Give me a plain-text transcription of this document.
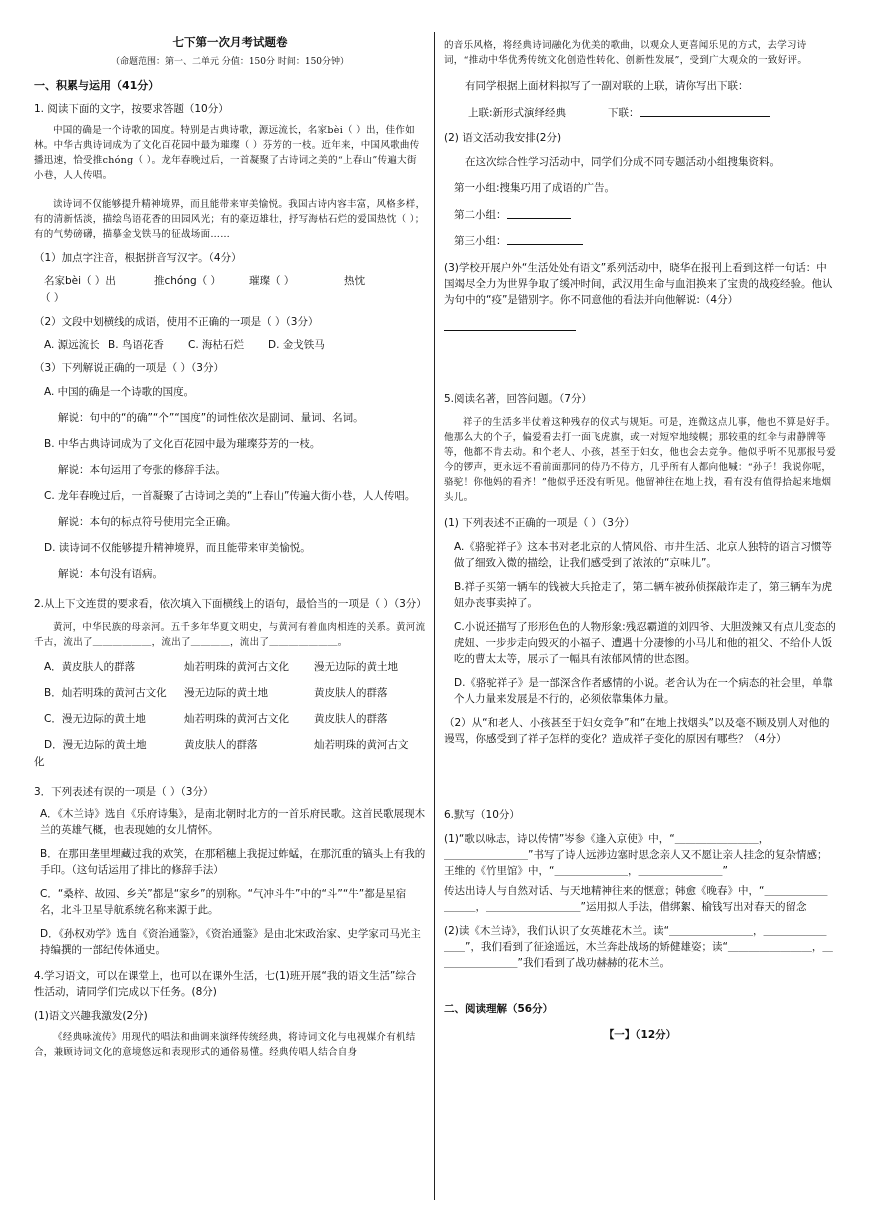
七下第一次月考试题卷

（命题范围：第一、二单元 分值：150分 时间：150分钟）

一、积累与运用（41分）

1. 阅读下面的文字，按要求答题（10分）

中国的确是一个诗歌的国度。特别是古典诗歌，源远流长，名家bèi（ ）出，佳作如林。中华古典诗词成为了文化百花园中最为璀璨（ ）芬芳的一枝。近年来，中国风歌曲传播迅速，恰受推chóng（ ）。龙年春晚过后，一首凝聚了古诗词之美的“上春山”传遍大街小巷，人人传唱。

读诗词不仅能够提升精神境界，而且能带来审美愉悦。我国古诗内容丰富，风格多样，有的清新恬淡，描绘鸟语花香的田园风光；有的豪迈雄壮，抒写海枯石烂的爱国热忱（ ）；有的气势磅礴，描摹金戈铁马的征战场面……

（1）加点字注音，根据拼音写汉字。（4分）

名家bèi（ ）出	推chóng（ ）	璀璨（ ）	热忱

（ ）

（2）文段中划横线的成语，使用不正确的一项是（ ）（3分）

A. 源远流长 B. 鸟语花香	C. 海枯石烂	D. 金戈铁马

（3）下列解说正确的一项是（ ）（3分）

A. 中国的确是一个诗歌的国度。

解说：句中的“的确”“个”“国度”的词性依次是副词、量词、名词。

B. 中华古典诗词成为了文化百花园中最为璀璨芬芳的一枝。

解说：本句运用了夸张的修辞手法。

C. 龙年春晚过后，一首凝聚了古诗词之美的“上春山”传遍大街小巷，人人传唱。

解说：本句的标点符号使用完全正确。

D. 读诗词不仅能够提升精神境界，而且能带来审美愉悦。

解说：本句没有语病。

2.从上下文连贯的要求看，依次填入下面横线上的语句，最恰当的一项是（ ）（3分）

黄河，中华民族的母亲河。五千多年华夏文明史，与黄河有着血肉相连的关系。黄河流千古，流出了＿＿＿＿＿＿，流出了＿＿＿＿，流出了＿＿＿＿＿＿＿。

A．黄皮肤人的群落	灿若明珠的黄河古文化	漫无边际的黄土地
B．灿若明珠的黄河古文化	漫无边际的黄土地	黄皮肤人的群落
C．漫无边际的黄土地	灿若明珠的黄河古文化	黄皮肤人的群落
D．漫无边际的黄土地	黄皮肤人的群落	灿若明珠的黄河古文

化

3．下列表述有误的一项是（ ）（3分）

A．《木兰诗》选自《乐府诗集》，是南北朝时北方的一首乐府民歌。这首民歌展现木兰的英雄气概，也表现她的女儿情怀。

B．在那田垄里埋藏过我的欢笑，在那稻穗上我捉过蚱蜢，在那沉重的镐头上有我的手印。（这句话运用了排比的修辞手法）

C．“桑梓、故园、乡关”都是“家乡”的别称。“气冲斗牛”中的“斗”“牛”都是星宿名，北斗卫星导航系统名称来源于此。

D．《孙权劝学》选自《资治通鉴》，《资治通鉴》是由北宋政治家、史学家司马光主持编撰的一部纪传体通史。

4.学习语文，可以在课堂上，也可以在课外生活，七(1)班开展“我的语文生活”综合性活动，请同学们完成以下任务。(8分)

(1)语文兴趣我激发(2分)

《经典咏流传》用现代的唱法和曲调来演绎传统经典，将诗词文化与电视媒介有机结合，兼顾诗词文化的意境悠远和表现形式的通俗易懂。经典传唱人结合自身

的音乐风格，将经典诗词融化为优美的歌曲，以观众人更喜闻乐见的方式，去学习诗词，“推动中华优秀传统文化创造性转化、创新性发展”，受到广大观众的一致好评。

有同学根据上面材料拟写了一副对联的上联，请你写出下联：

上联:新形式演绎经典	下联：

(2) 语文活动我安排(2分)

在这次综合性学习活动中，同学们分成不同专题活动小组搜集资料。

第一小组:搜集巧用了成语的广告。

第二小组：
第三小组：

(3)学校开展户外“生活处处有语文”系列活动中，晓华在报刊上看到这样一句话：中国竭尽全力为世界争取了缓冲时间，武汉用生命与血泪换来了宝贵的战疫经验。他认为句中的“疫”是错别字。你不同意他的看法并向他解说:（4分）

5.阅读名著，回答问题。（7分）

祥子的生活多半仗着这种残存的仪式与规矩。可是，连微这点儿事，他也不算是好手。他那么大的个子，偏爱看去打一面飞虎旗，或一对短窄地绫幌；那较重的红伞与肃静牌等等，他都不肯去动。和个老人、小孩，甚至于妇女，他也会去竞争。他似乎听不见那报号爱今的锣声，更永远不看前面那同的侍乃不侍方，几乎所有人都向他喊：“孙子！我说你呢，骆驼！你他妈的看齐！”他似乎还没有听见。他留神往在地上找，看有没有值得拾起来地烟头儿。

(1) 下列表述不正确的一项是（ ）（3分）

A.《骆驼祥子》这本书对老北京的人情风俗、市井生活、北京人独特的语言习惯等做了细致入微的描绘，让我们感受到了浓浓的“京味儿”。

B.祥子买第一辆车的钱被大兵抢走了，第二辆车被孙侦探敲诈走了，第三辆车为虎妞办丧事卖掉了。

C.小说还描写了形形色色的人物形象:残忍霸道的刘四爷、大胆泼辣又有点儿变态的虎妞、一步步走向毁灭的小福子、遭遇十分凄惨的小马儿和他的祖父、不给仆人饭吃的曹太太等，展示了一幅具有浓郁风情的世态图。

D.《骆驼祥子》是一部深含作者感情的小说。老舍认为在一个病态的社会里，单靠个人力量来发展是不行的，必须依靠集体力量。

（2）从“和老人、小孩甚至于妇女竞争”和“在地上找烟头”以及毫不顾及别人对他的谩骂，你感受到了祥子怎样的变化？造成祥子变化的原因有哪些？（4分）

6.默写（10分）

(1)“歌以咏志，诗以传情”岑参《逢入京使》中，“＿＿＿＿＿＿＿＿，

＿＿＿＿＿＿＿＿”书写了诗人远涉边塞时思念亲人又不愿让亲人挂念的复杂情感；王维的《竹里馆》中，“＿＿＿＿＿＿＿，＿＿＿＿＿＿＿＿”

传达出诗人与自然对话、与天地精神往来的惬意；韩愈《晚春》中，“＿＿＿＿＿＿＿＿＿，＿＿＿＿＿＿＿＿＿”运用拟人手法，借绑絮、榆钱写出对春天的留念

(2)读《木兰诗》，我们认识了女英雄花木兰。读“＿＿＿＿＿＿＿＿，＿＿＿＿＿＿＿＿”，我们看到了征途遥远，木兰奔赴战场的矫健雄姿；读“＿＿＿＿＿＿＿＿，＿＿＿＿＿＿＿＿”我们看到了战功赫赫的花木兰。

二、阅读理解（56分）

【一】（12分）
